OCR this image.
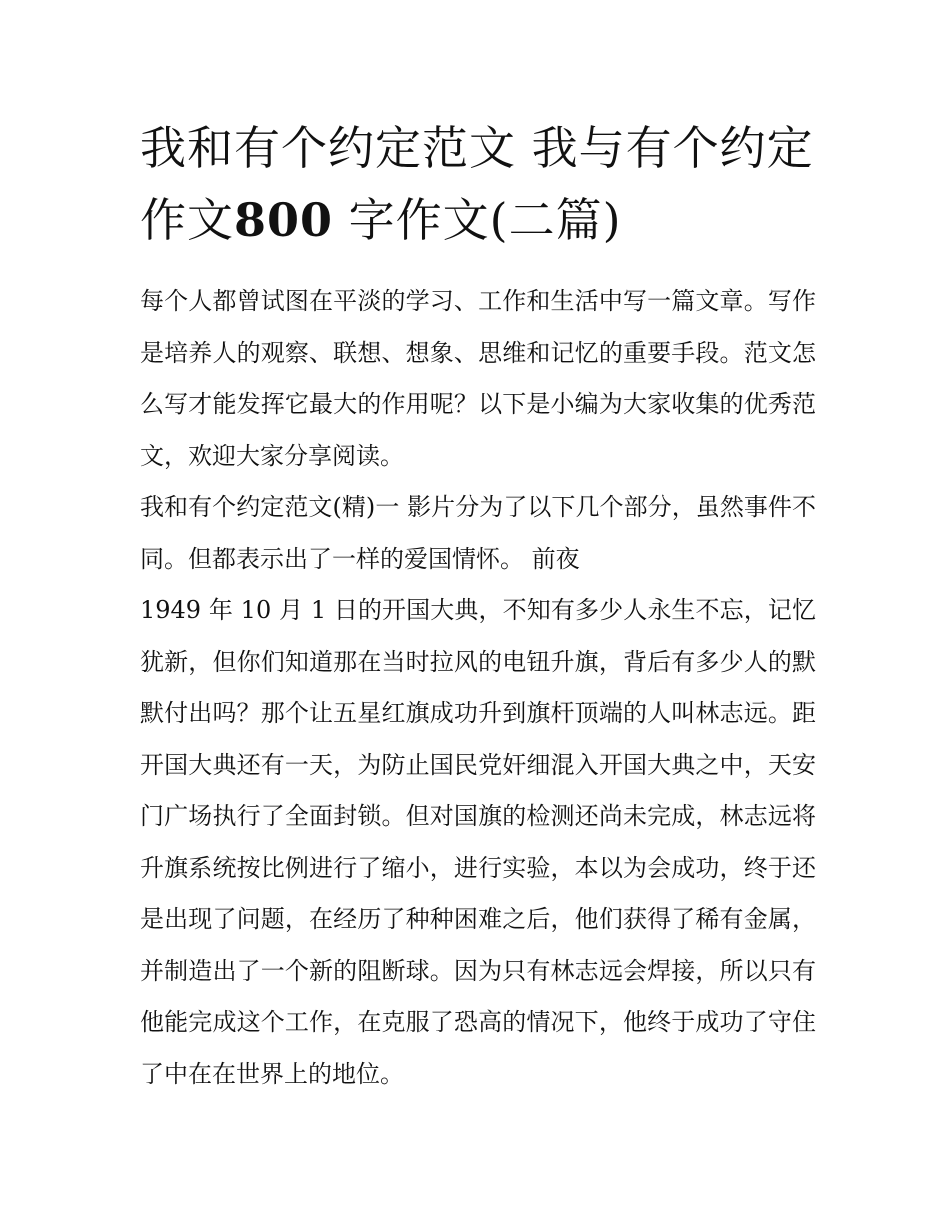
我和有个约定范文 我与有个约定作文800 字作文(二篇)

每个人都曾试图在平淡的学习、工作和生活中写一篇文章。写作是培养人的观察、联想、想象、思维和记忆的重要手段。范文怎么写才能发挥它最大的作用呢？以下是小编为大家收集的优秀范文，欢迎大家分享阅读。

我和有个约定范文(精)一 影片分为了以下几个部分，虽然事件不同。但都表示出了一样的爱国情怀。 前夜

1949 年 10 月 1 日的开国大典，不知有多少人永生不忘，记忆犹新，但你们知道那在当时拉风的电钮升旗，背后有多少人的默默付出吗？那个让五星红旗成功升到旗杆顶端的人叫林志远。距开国大典还有一天，为防止国民党奸细混入开国大典之中，天安门广场执行了全面封锁。但对国旗的检测还尚未完成，林志远将升旗系统按比例进行了缩小，进行实验，本以为会成功，终于还是出现了问题，在经历了种种困难之后，他们获得了稀有金属，并制造出了一个新的阻断球。因为只有林志远会焊接，所以只有他能完成这个工作，在克服了恐高的情况下，他终于成功了守住了中在在世界上的地位。
